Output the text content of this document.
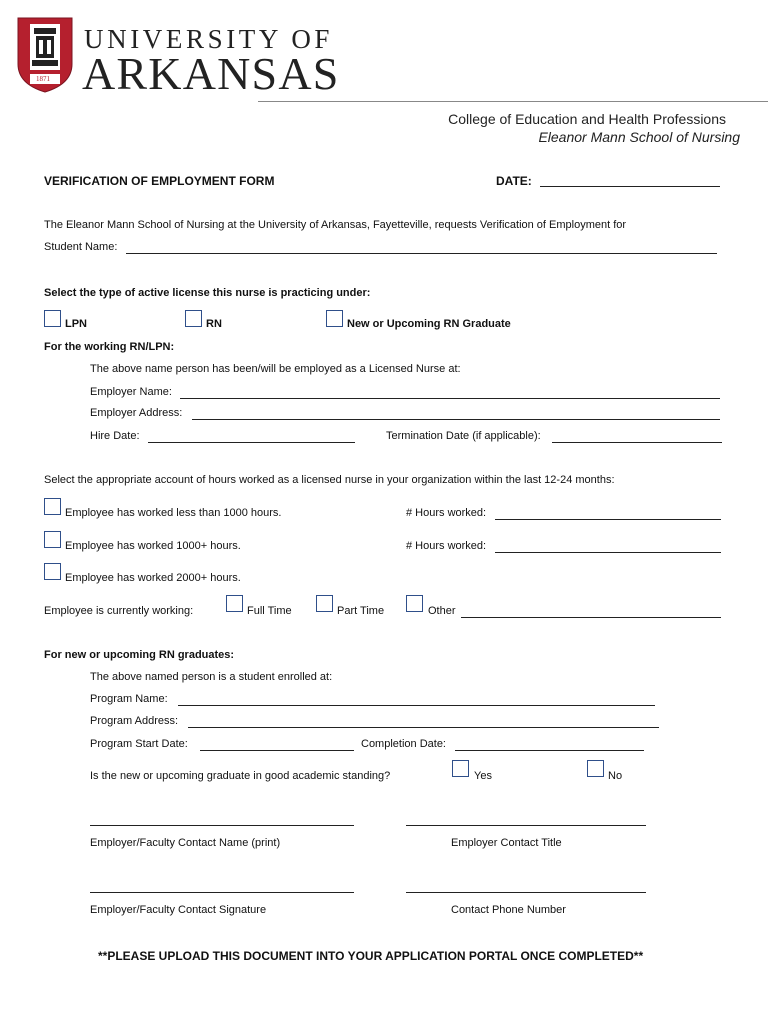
1871
UNIVERSITY OF
ARKANSAS
College of Education and Health Professions
Eleanor Mann School of Nursing
VERIFICATION OF EMPLOYMENT FORM	DATE:
The Eleanor Mann School of Nursing at the University of Arkansas, Fayetteville, requests Verification of Employment for
Student Name:
Select the type of active license this nurse is practicing under:
LPN	RN	New or Upcoming RN Graduate
For the working RN/LPN:
The above name person has been/will be employed as a Licensed Nurse at:
Employer Name:
Employer Address:
Hire Date:	Termination Date (if applicable):
Select the appropriate account of hours worked as a licensed nurse in your organization within the last 12-24 months:
Employee has worked less than 1000 hours.	# Hours worked:
Employee has worked 1000+ hours.	# Hours worked:
Employee has worked 2000+ hours.
Employee is currently working:	Full Time	Part Time	Other
For new or upcoming RN graduates:
The above named person is a student enrolled at:
Program Name:
Program Address:
Program Start Date:	Completion Date:
Is the new or upcoming graduate in good academic standing?	Yes	No
Employer/Faculty Contact Name (print)	Employer Contact Title
Employer/Faculty Contact Signature	Contact Phone Number
**PLEASE UPLOAD THIS DOCUMENT INTO YOUR APPLICATION PORTAL ONCE COMPLETED**
